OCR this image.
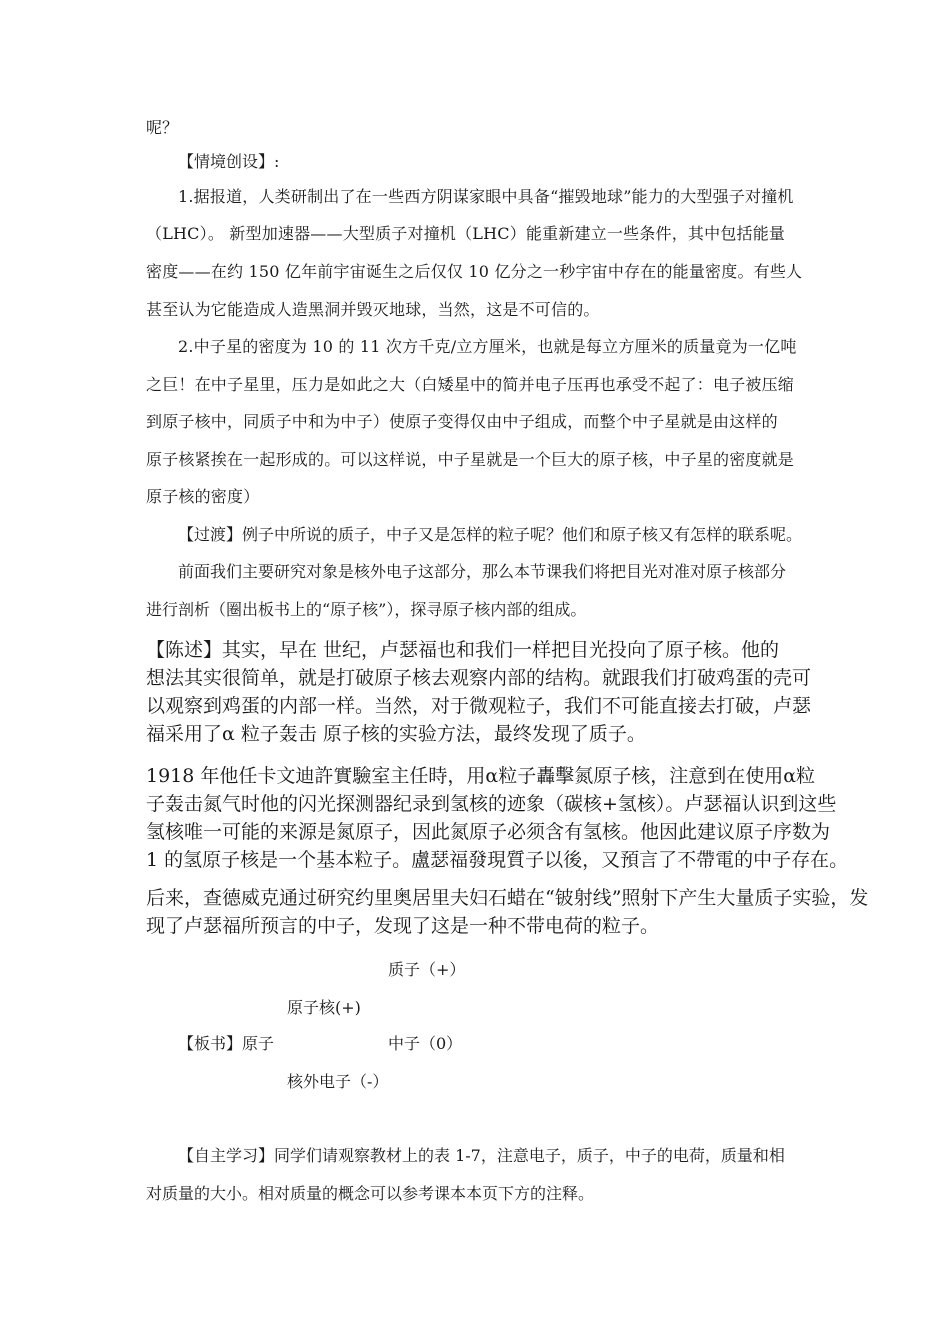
呢？
【情境创设】:
1.据报道，人类研制出了在一些西方阴谋家眼中具备“摧毁地球”能力的大型强子对撞机
（LHC）。 新型加速器——大型质子对撞机（LHC）能重新建立一些条件，其中包括能量
密度——在约 150 亿年前宇宙诞生之后仅仅 10 亿分之一秒宇宙中存在的能量密度。有些人
甚至认为它能造成人造黑洞并毁灭地球，当然，这是不可信的。
2.中子星的密度为 10 的 11 次方千克/立方厘米，也就是每立方厘米的质量竟为一亿吨
之巨！在中子星里，压力是如此之大（白矮星中的简并电子压再也承受不起了：电子被压缩
到原子核中，同质子中和为中子）使原子变得仅由中子组成，而整个中子星就是由这样的
原子核紧挨在一起形成的。可以这样说，中子星就是一个巨大的原子核，中子星的密度就是
原子核的密度）
【过渡】例子中所说的质子，中子又是怎样的粒子呢？他们和原子核又有怎样的联系呢。
前面我们主要研究对象是核外电子这部分，那么本节课我们将把目光对准对原子核部分
进行剖析（圈出板书上的“原子核”），探寻原子核内部的组成。
【陈述】其实，早在 世纪，卢瑟福也和我们一样把目光投向了原子核。他的
想法其实很简单，就是打破原子核去观察内部的结构。就跟我们打破鸡蛋的壳可
以观察到鸡蛋的内部一样。当然，对于微观粒子，我们不可能直接去打破，卢瑟
福采用了α 粒子轰击 原子核的实验方法，最终发现了质子。
1918 年他任卡文迪許實驗室主任時，用α粒子轟擊氮原子核，注意到在使用α粒
子轰击氮气时他的闪光探测器纪录到氢核的迹象（碳核+氢核）。卢瑟福认识到这些
氢核唯一可能的来源是氮原子，因此氮原子必须含有氢核。他因此建议原子序数为
1 的氢原子核是一个基本粒子。盧瑟福發現質子以後，又預言了不帶電的中子存在。
后来，查德威克通过研究约里奥居里夫妇石蜡在“铍射线”照射下产生大量质子实验，发
现了卢瑟福所预言的中子，发现了这是一种不带电荷的粒子。
质子（+）
原子核(+)
【板书】原子	中子（0）
核外电子（-）
【自主学习】同学们请观察教材上的表 1-7，注意电子，质子，中子的电荷，质量和相
对质量的大小。相对质量的概念可以参考课本本页下方的注释。
